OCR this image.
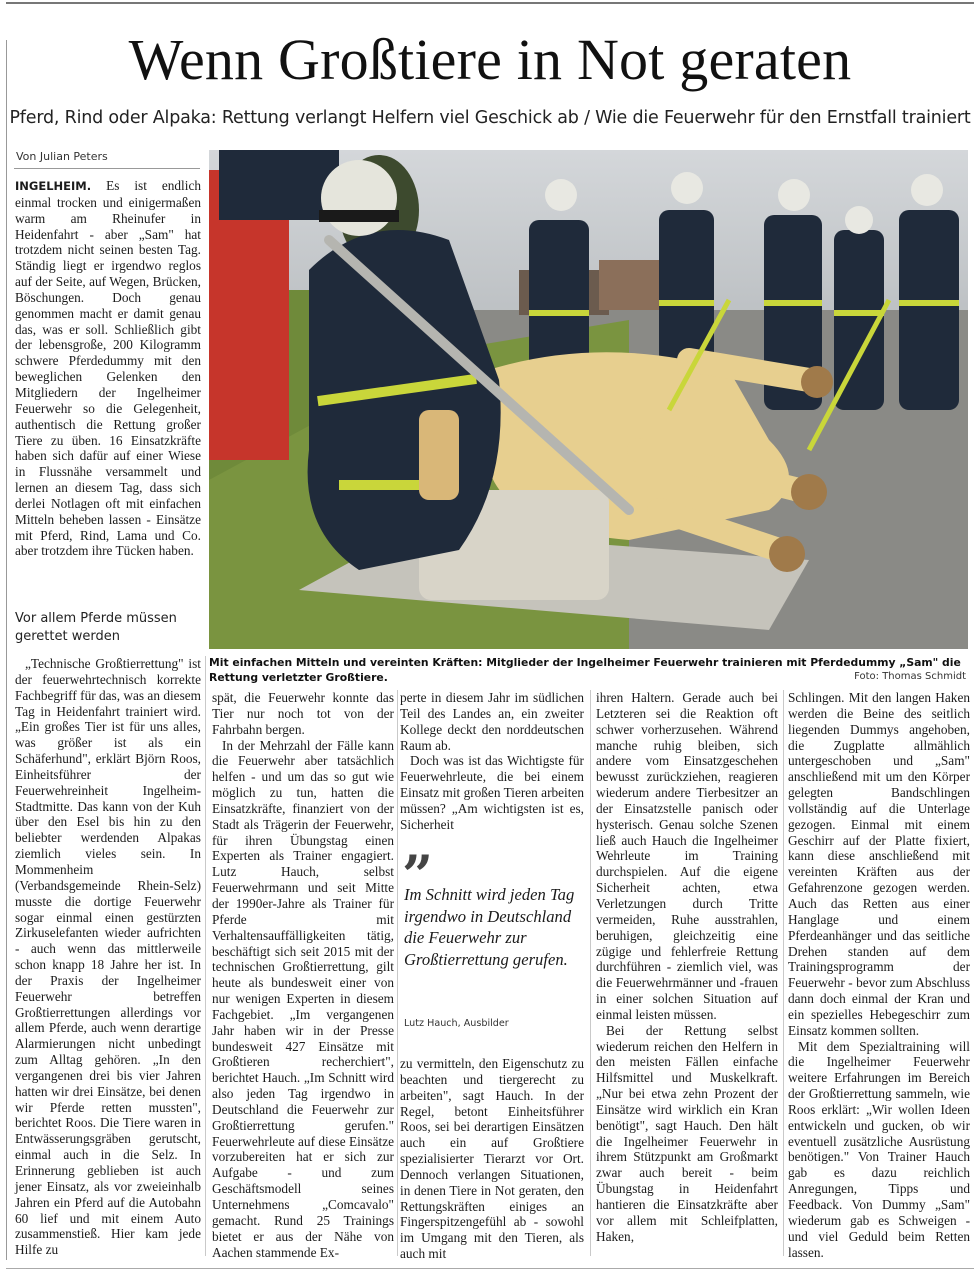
Wenn Großtiere in Not geraten
Pferd, Rind oder Alpaka: Rettung verlangt Helfern viel Geschick ab / Wie die Feuerwehr für den Ernstfall trainiert
Von Julian Peters

INGELHEIM. Es ist endlich einmal trocken und einigermaßen warm am Rheinufer in Heidenfahrt - aber „Sam" hat trotzdem nicht seinen besten Tag. Ständig liegt er irgendwo reglos auf der Seite, auf Wegen, Brücken, Böschungen. Doch genau genommen macht er damit genau das, was er soll. Schließlich gibt der lebensgroße, 200 Kilogramm schwere Pferdedummy mit den beweglichen Gelenken den Mitgliedern der Ingelheimer Feuerwehr so die Gelegenheit, authentisch die Rettung großer Tiere zu üben. 16 Einsatzkräfte haben sich dafür auf einer Wiese in Flussnähe versammelt und lernen an diesem Tag, dass sich derlei Notlagen oft mit einfachen Mitteln beheben lassen - Einsätze mit Pferd, Rind, Lama und Co. aber trotzdem ihre Tücken haben.

Vor allem Pferde müssen gerettet werden

„Technische Großtierrettung" ist der feuerwehrtechnisch korrekte Fachbegriff für das, was an diesem Tag in Heidenfahrt trainiert wird. „Ein großes Tier ist für uns alles, was größer ist als ein Schäferhund", erklärt Björn Roos, Einheitsführer der Feuerwehreinheit Ingelheim-Stadtmitte. Das kann von der Kuh über den Esel bis hin zu den beliebter werdenden Alpakas ziemlich vieles sein. In Mommenheim (Verbandsgemeinde Rhein-Selz) musste die dortige Feuerwehr sogar einmal einen gestürzten Zirkuselefanten wieder aufrichten - auch wenn das mittlerweile schon knapp 18 Jahre her ist. In der Praxis der Ingelheimer Feuerwehr betreffen Großtierrettungen allerdings vor allem Pferde, auch wenn derartige Alarmierungen nicht unbedingt zum Alltag gehören. „In den vergangenen drei bis vier Jahren hatten wir drei Einsätze, bei denen wir Pferde retten mussten", berichtet Roos. Die Tiere waren in Entwässerungsgräben gerutscht, einmal auch in die Selz. In Erinnerung geblieben ist auch jener Einsatz, als vor zweieinhalb Jahren ein Pferd auf die Autobahn 60 lief und mit einem Auto zusammenstieß. Hier kam jede Hilfe zu

Mit einfachen Mitteln und vereinten Kräften: Mitglieder der Ingelheimer Feuerwehr trainieren mit Pferdedummy „Sam" die Rettung verletzter Großtiere.	Foto: Thomas Schmidt

spät, die Feuerwehr konnte das Tier nur noch tot von der Fahrbahn bergen.

In der Mehrzahl der Fälle kann die Feuerwehr aber tatsächlich helfen - und um das so gut wie möglich zu tun, hatten die Einsatzkräfte, finanziert von der Stadt als Trägerin der Feuerwehr, für ihren Übungstag einen Experten als Trainer engagiert. Lutz Hauch, selbst Feuerwehrmann und seit Mitte der 1990er-Jahre als Trainer für Pferde mit Verhaltensauffälligkeiten tätig, beschäftigt sich seit 2015 mit der technischen Großtierrettung, gilt heute als bundesweit einer von nur wenigen Experten in diesem Fachgebiet. „Im vergangenen Jahr haben wir in der Presse bundesweit 427 Einsätze mit Großtieren recherchiert", berichtet Hauch. „Im Schnitt wird also jeden Tag irgendwo in Deutschland die Feuerwehr zur Großtierrettung gerufen." Feuerwehrleute auf diese Einsätze vorzubereiten hat er sich zur Aufgabe - und zum Geschäftsmodell seines Unternehmens „Comcavalo" gemacht. Rund 25 Trainings bietet er aus der Nähe von Aachen stammende Ex-

perte in diesem Jahr im südlichen Teil des Landes an, ein zweiter Kollege deckt den norddeutschen Raum ab.

Doch was ist das Wichtigste für Feuerwehrleute, die bei einem Einsatz mit großen Tieren arbeiten müssen? „Am wichtigsten ist es, Sicherheit

”
Im Schnitt wird jeden Tag irgendwo in Deutschland die Feuerwehr zur Großtierrettung gerufen.
Lutz Hauch, Ausbilder

zu vermitteln, den Eigenschutz zu beachten und tiergerecht zu arbeiten", sagt Hauch. In der Regel, betont Einheitsführer Roos, sei bei derartigen Einsätzen auch ein auf Großtiere spezialisierter Tierarzt vor Ort. Dennoch verlangen Situationen, in denen Tiere in Not geraten, den Rettungskräften einiges an Fingerspitzengefühl ab - sowohl im Umgang mit den Tieren, als auch mit

ihren Haltern. Gerade auch bei Letzteren sei die Reaktion oft schwer vorherzusehen. Während manche ruhig bleiben, sich andere vom Einsatzgeschehen bewusst zurückziehen, reagieren wiederum andere Tierbesitzer an der Einsatzstelle panisch oder hysterisch. Genau solche Szenen ließ auch Hauch die Ingelheimer Wehrleute im Training durchspielen. Auf die eigene Sicherheit achten, etwa Verletzungen durch Tritte vermeiden, Ruhe ausstrahlen, beruhigen, gleichzeitig eine zügige und fehlerfreie Rettung durchführen - ziemlich viel, was die Feuerwehrmänner und -frauen in einer solchen Situation auf einmal leisten müssen.

Bei der Rettung selbst wiederum reichen den Helfern in den meisten Fällen einfache Hilfsmittel und Muskelkraft. „Nur bei etwa zehn Prozent der Einsätze wird wirklich ein Kran benötigt", sagt Hauch. Den hält die Ingelheimer Feuerwehr in ihrem Stützpunkt am Großmarkt zwar auch bereit - beim Übungstag in Heidenfahrt hantieren die Einsatzkräfte aber vor allem mit Schleifplatten, Haken,

Schlingen. Mit den langen Haken werden die Beine des seitlich liegenden Dummys angehoben, die Zugplatte allmählich untergeschoben und „Sam" anschließend mit um den Körper gelegten Bandschlingen vollständig auf die Unterlage gezogen. Einmal mit einem Geschirr auf der Platte fixiert, kann diese anschließend mit vereinten Kräften aus der Gefahrenzone gezogen werden. Auch das Retten aus einer Hanglage und einem Pferdeanhänger und das seitliche Drehen standen auf dem Trainingsprogramm der Feuerwehr - bevor zum Abschluss dann doch einmal der Kran und ein spezielles Hebegeschirr zum Einsatz kommen sollten.

Mit dem Spezialtraining will die Ingelheimer Feuerwehr weitere Erfahrungen im Bereich der Großtierrettung sammeln, wie Roos erklärt: „Wir wollen Ideen entwickeln und gucken, ob wir eventuell zusätzliche Ausrüstung benötigen." Von Trainer Hauch gab es dazu reichlich Anregungen, Tipps und Feedback. Von Dummy „Sam" wiederum gab es Schweigen - und viel Geduld beim Retten lassen.
